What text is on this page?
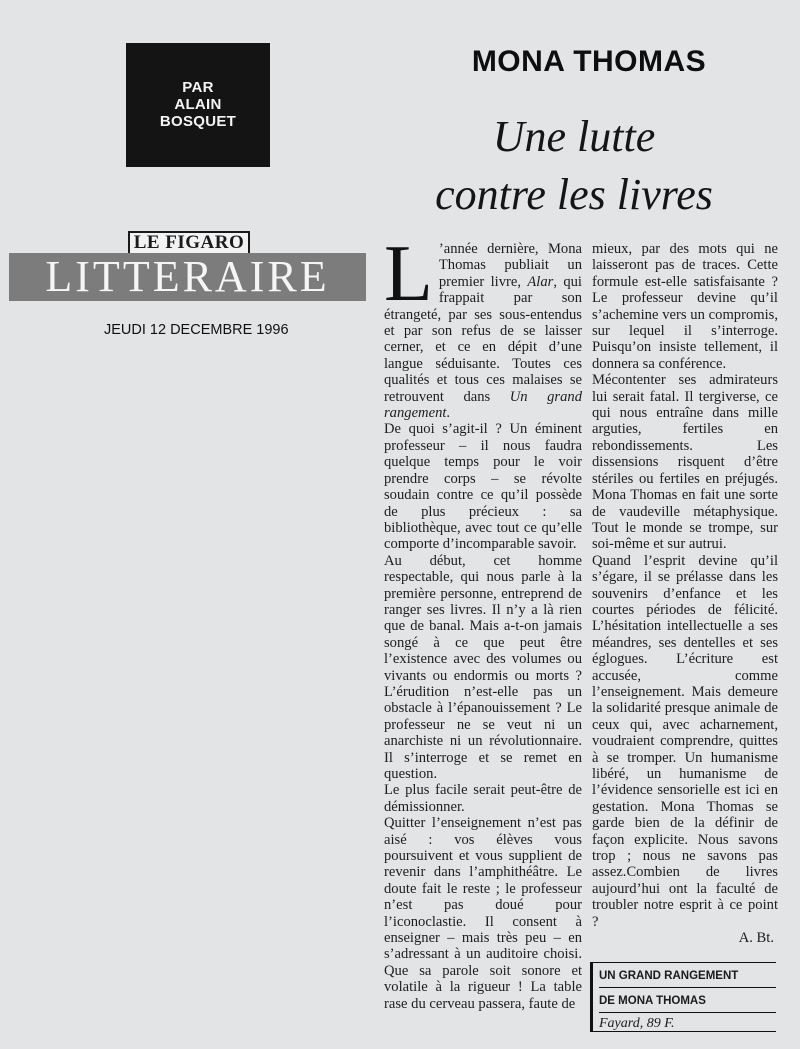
PAR
ALAIN
BOSQUET
LE FIGARO
LITTERAIRE
JEUDI 12 DECEMBRE 1996
MONA THOMAS
Une lutte
contre les livres

L ’année dernière, Mona Thomas publiait un premier livre, Alar, qui frappait par son étrangeté, par ses sous-entendus et par son refus de se laisser cerner, et ce en dépit d’une langue séduisante. Toutes ces qualités et tous ces malaises se retrouvent dans Un grand rangement.

De quoi s’agit-il ? Un éminent professeur – il nous faudra quelque temps pour le voir prendre corps – se révolte soudain contre ce qu’il possède de plus précieux : sa bibliothèque, avec tout ce qu’elle comporte d’incomparable savoir.

Au début, cet homme respectable, qui nous parle à la première personne, entreprend de ranger ses livres. Il n’y a là rien que de banal. Mais a-t-on jamais songé à ce que peut être l’existence avec des volumes ou vivants ou endormis ou morts ? L’érudition n’est-elle pas un obstacle à l’épanouissement ? Le professeur ne se veut ni un anarchiste ni un révolutionnaire. Il s’interroge et se remet en question.

Le plus facile serait peut-être de démissionner.

Quitter l’enseignement n’est pas aisé : vos élèves vous poursuivent et vous supplient de revenir dans l’amphithéâtre. Le doute fait le reste ; le professeur n’est pas doué pour l’iconoclastie. Il consent à enseigner – mais très peu – en s’adressant à un auditoire choisi. Que sa parole soit sonore et volatile à la rigueur ! La table rase du cerveau passera, faute de

mieux, par des mots qui ne laisseront pas de traces. Cette formule est-elle satisfaisante ? Le professeur devine qu’il s’achemine vers un compromis, sur lequel il s’interroge. Puisqu’on insiste tellement, il donnera sa conférence.

Mécontenter ses admirateurs lui serait fatal. Il tergiverse, ce qui nous entraîne dans mille arguties, fertiles en rebondissements. Les dissensions risquent d’être stériles ou fertiles en préjugés. Mona Thomas en fait une sorte de vaudeville métaphysique. Tout le monde se trompe, sur soi-même et sur autrui.

Quand l’esprit devine qu’il s’égare, il se prélasse dans les souvenirs d’enfance et les courtes périodes de félicité. L’hésitation intellectuelle a ses méandres, ses dentelles et ses églogues. L’écriture est accusée, comme l’enseignement. Mais demeure la solidarité presque animale de ceux qui, avec acharnement, voudraient comprendre, quittes à se tromper. Un humanisme libéré, un humanisme de l’évidence sensorielle est ici en gestation. Mona Thomas se garde bien de la définir de façon explicite. Nous savons trop ; nous ne savons pas assez.Combien de livres aujourd’hui ont la faculté de troubler notre esprit à ce point ?

A. Bt.

UN GRAND RANGEMENT
DE MONA THOMAS
Fayard, 89 F.
